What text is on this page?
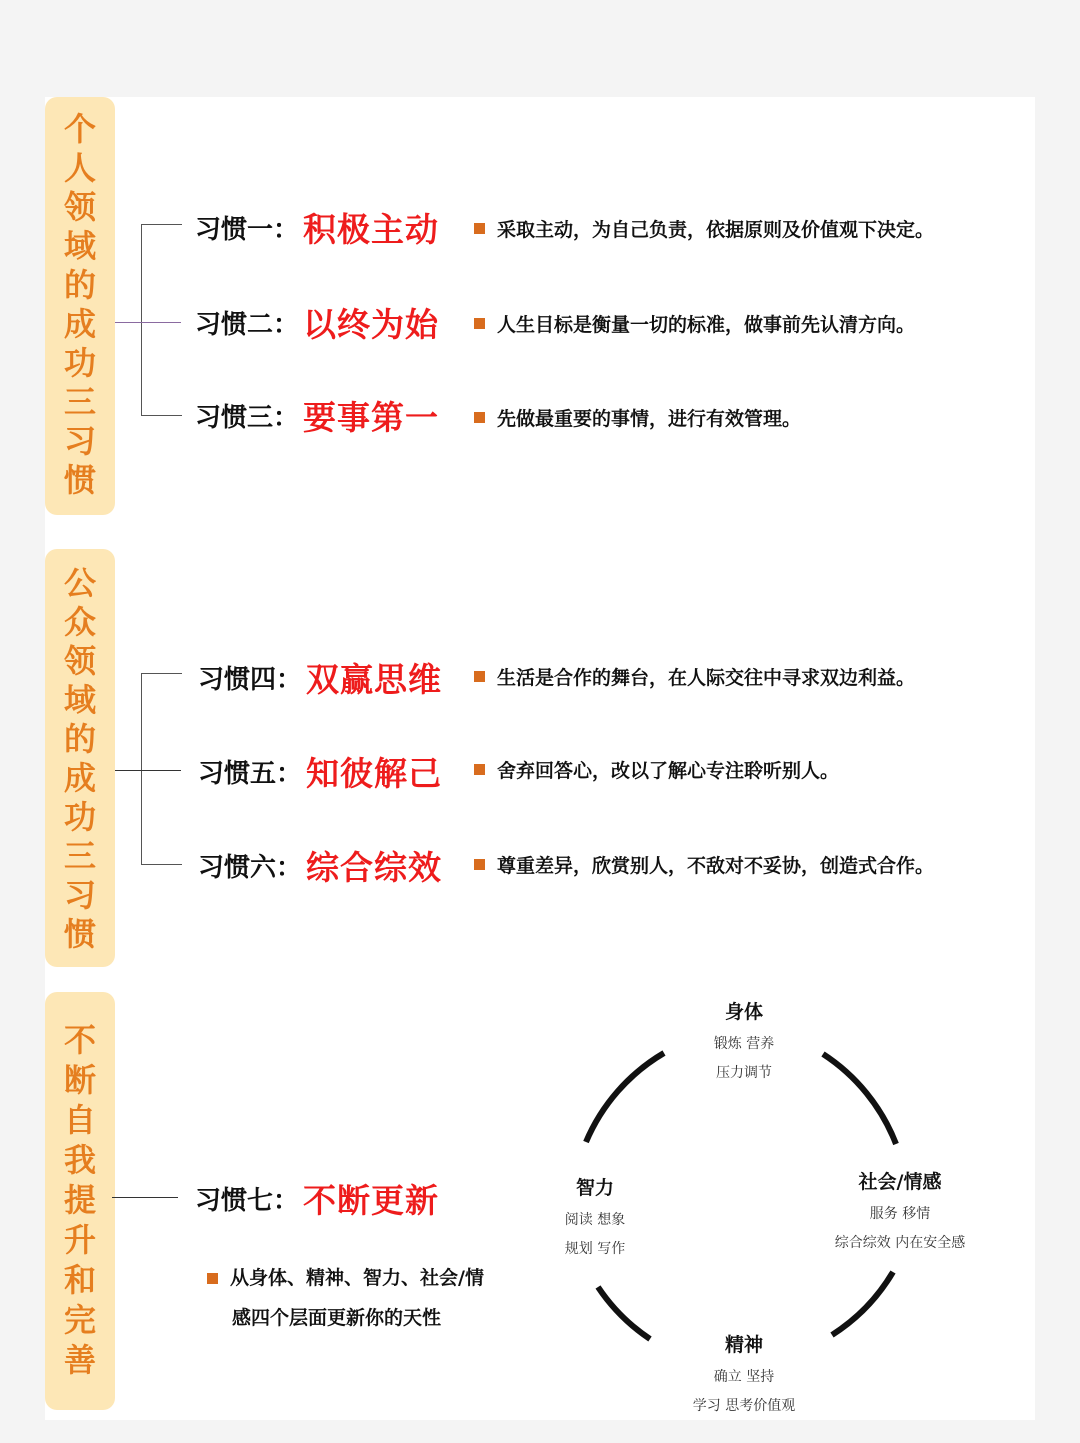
个
人
领
域
的
成
功
三
习
惯
公
众
领
域
的
成
功
三
习
惯
不
断
自
我
提
升
和
完
善
习惯一： 积极主动	采取主动，为自己负责，依据原则及价值观下决定。
习惯二： 以终为始	人生目标是衡量一切的标准，做事前先认清方向。
习惯三： 要事第一	先做最重要的事情，进行有效管理。
习惯四： 双赢思维	生活是合作的舞台，在人际交往中寻求双边利益。
习惯五： 知彼解己	舍弃回答心，改以了解心专注聆听别人。
习惯六： 综合综效	尊重差异，欣赏别人，不敌对不妥协，创造式合作。
习惯七： 不断更新
从身体、精神、智力、社会/情
感四个层面更新你的天性
身体
锻炼 营养
压力调节
社会/情感
服务 移情
综合综效 内在安全感
精神
确立 坚持
学习 思考价值观
智力
阅读 想象
规划 写作
